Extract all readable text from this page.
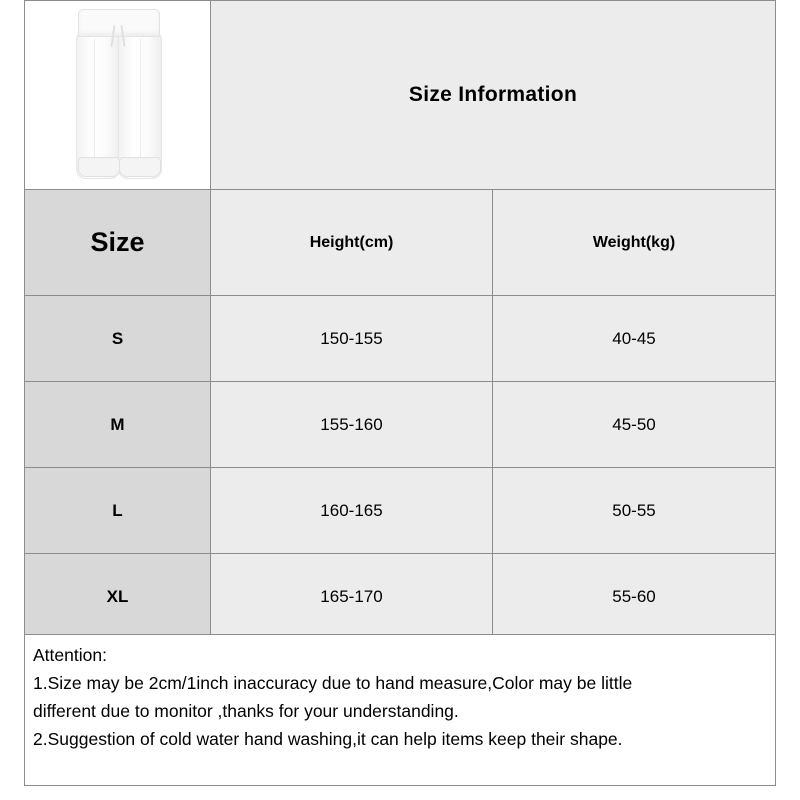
Size Information
Size	Height(cm)	Weight(kg)
S	150-155	40-45
M	155-160	45-50
L	160-165	50-55
XL	165-170	55-60

Attention:

1.Size may be 2cm/1inch inaccuracy due to hand measure,Color may be little

different due to monitor ,thanks for your understanding.

2.Suggestion of cold water hand washing,it can help items keep their shape.
